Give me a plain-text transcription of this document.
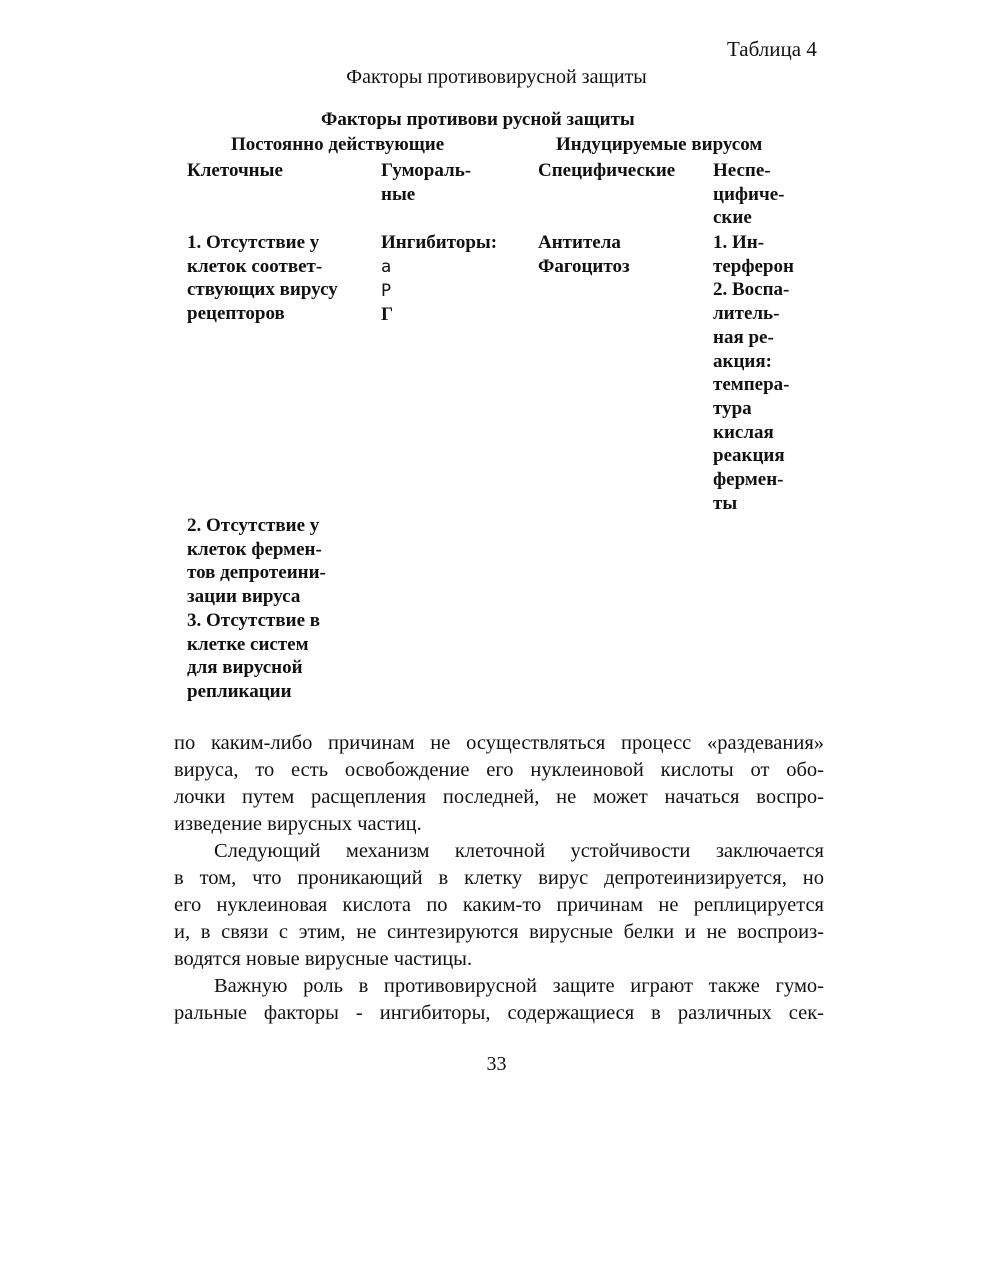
Таблица 4
Факторы противовирусной защиты
Факторы противови русной защиты
Постоянно действующие	Индуцируемые вирусом
Клеточные	Гумораль-
ные
Специфические Неспе-
цифиче-
ские
1. Отсутствие у
клеток соответ-
ствующих вирусу
рецепторов
Ингибиторы:
а
Р
Г
Антитела
Фагоцитоз
1. Ин-
терферон
2. Воспа-
литель-
ная ре-
акция:
темпера-
тура
кислая
реакция
фермен-
ты
2. Отсутствие у
клеток фермен-
тов депротеини-
зации вируса
3. Отсутствие в
клетке систем
для вирусной
репликации

по каким-либо причинам не осуществляться процесс «раздевания»
вируса, то есть освобождение его нуклеиновой кислоты от обо-
лочки путем расщепления последней, не может начаться воспро-
изведение вирусных частиц.

Следующий механизм клеточной устойчивости заключается
в том, что проникающий в клетку вирус депротеинизируется, но
его нуклеиновая кислота по каким-то причинам не реплицируется
и, в связи с этим, не синтезируются вирусные белки и не воспроиз-
водятся новые вирусные частицы.

Важную роль в противовирусной защите играют также гумо-
ральные факторы - ингибиторы, содержащиеся в различных сек-

33
